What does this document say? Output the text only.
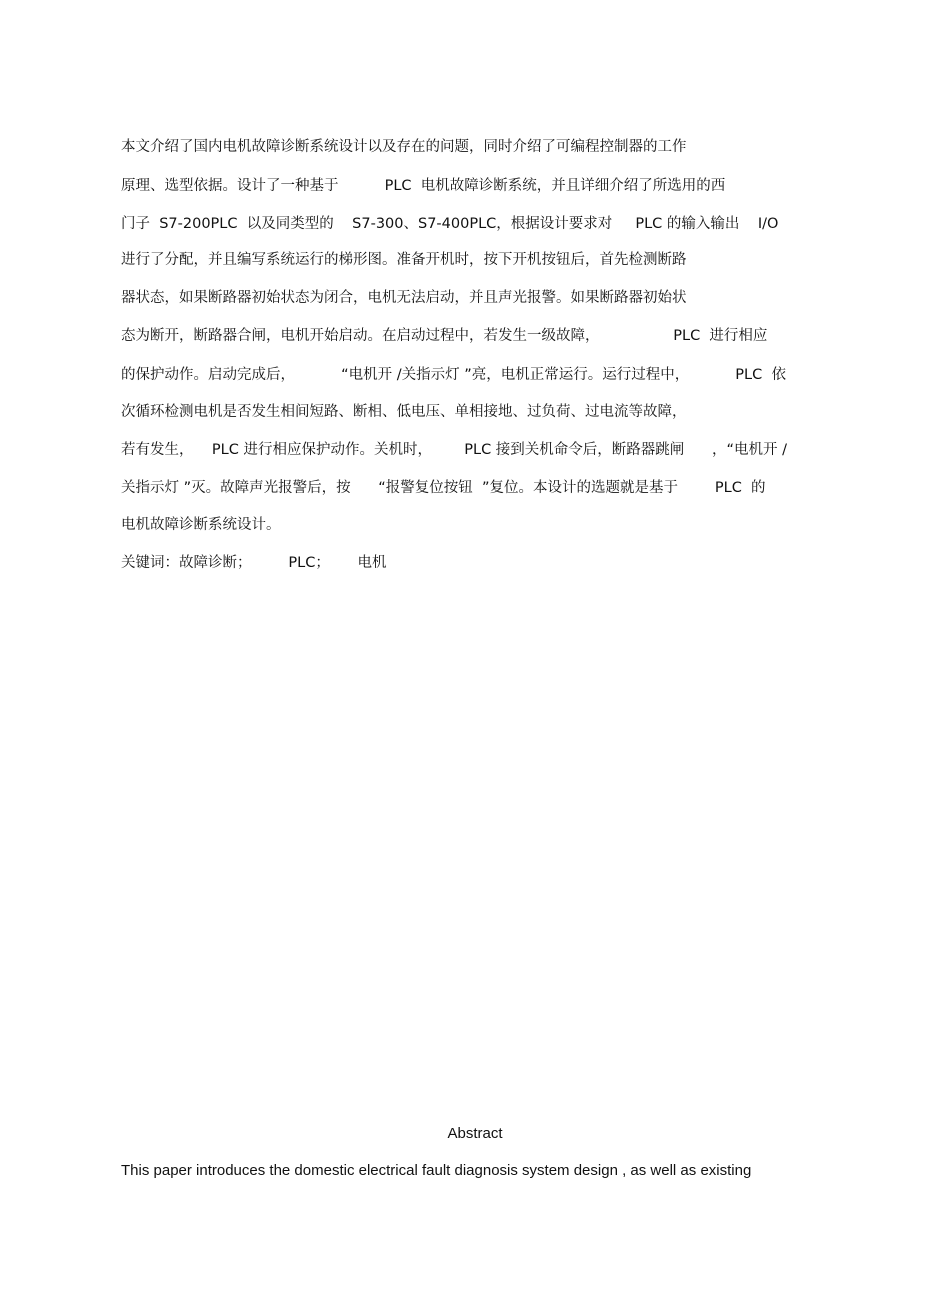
本文介绍了国内电机故障诊断系统设计以及存在的问题，同时介绍了可编程控制器的工作

原理、选型依据。设计了一种基于          PLC  电机故障诊断系统，并且详细介绍了所选用的西

门子  S7-200PLC  以及同类型的    S7-300、S7-400PLC，根据设计要求对     PLC 的输入输出    I/O

进行了分配，并且编写系统运行的梯形图。准备开机时，按下开机按钮后，首先检测断路

器状态，如果断路器初始状态为闭合，电机无法启动，并且声光报警。如果断路器初始状

态为断开，断路器合闸，电机开始启动。在启动过程中，若发生一级故障，                PLC  进行相应

的保护动作。启动完成后，          “电机开 /关指示灯 ”亮，电机正常运行。运行过程中，          PLC  依

次循环检测电机是否发生相间短路、断相、低电压、单相接地、过负荷、过电流等故障，

若有发生，    PLC 进行相应保护动作。关机时，       PLC 接到关机命令后，断路器跳闸      ，“电机开 /

关指示灯 ”灭。故障声光报警后，按      “报警复位按钮  ”复位。本设计的选题就是基于        PLC  的

电机故障诊断系统设计。

关键词：故障诊断；        PLC；      电机

Abstract
This paper introduces the domestic electrical fault diagnosis system design , as well as existing
